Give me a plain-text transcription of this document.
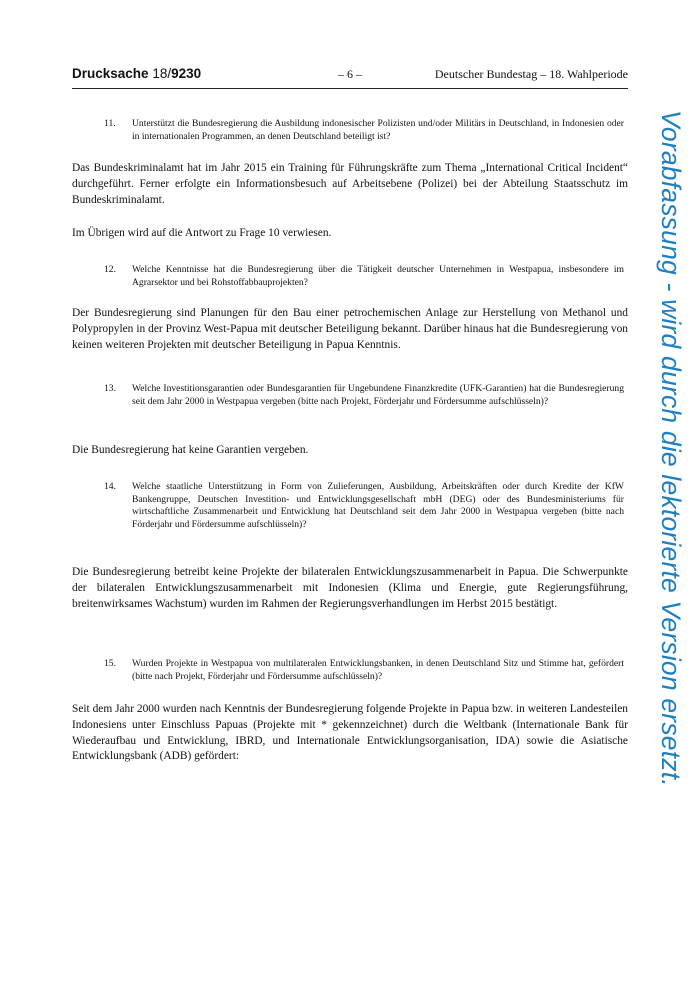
Drucksache 18/9230	– 6 –	Deutscher Bundestag – 18. Wahlperiode
11. Unterstützt die Bundesregierung die Ausbildung indonesischer Polizisten und/oder Militärs in Deutschland, in Indonesien oder in internationalen Programmen, an denen Deutschland beteiligt ist?
Das Bundeskriminalamt hat im Jahr 2015 ein Training für Führungskräfte zum Thema „International Critical Incident“ durchgeführt. Ferner erfolgte ein Informationsbesuch auf Arbeitsebene (Polizei) bei der Abteilung Staatsschutz im Bundeskriminalamt.
Im Übrigen wird auf die Antwort zu Frage 10 verwiesen.
12. Welche Kenntnisse hat die Bundesregierung über die Tätigkeit deutscher Unternehmen in Westpapua, insbesondere im Agrarsektor und bei Rohstoffabbauprojekten?
Der Bundesregierung sind Planungen für den Bau einer petrochemischen Anlage zur Herstellung von Methanol und Polypropylen in der Provinz West-Papua mit deutscher Beteiligung bekannt. Darüber hinaus hat die Bundesregierung von keinen weiteren Projekten mit deutscher Beteiligung in Papua Kenntnis.
13. Welche Investitionsgarantien oder Bundesgarantien für Ungebundene Finanzkredite (UFK-Garantien) hat die Bundesregierung seit dem Jahr 2000 in Westpapua vergeben (bitte nach Projekt, Förderjahr und Fördersumme aufschlüsseln)?
Die Bundesregierung hat keine Garantien vergeben.
14. Welche staatliche Unterstützung in Form von Zulieferungen, Ausbildung, Arbeitskräften oder durch Kredite der KfW Bankengruppe, Deutschen Investition- und Entwicklungsgesellschaft mbH (DEG) oder des Bundesministeriums für wirtschaftliche Zusammenarbeit und Entwicklung hat Deutschland seit dem Jahr 2000 in Westpapua vergeben (bitte nach Förderjahr und Fördersumme aufschlüsseln)?
Die Bundesregierung betreibt keine Projekte der bilateralen Entwicklungszusammenarbeit in Papua. Die Schwerpunkte der bilateralen Entwicklungszusammenarbeit mit Indonesien (Klima und Energie, gute Regierungsführung, breitenwirksames Wachstum) wurden im Rahmen der Regierungsverhandlungen im Herbst 2015 bestätigt.
15. Wurden Projekte in Westpapua von multilateralen Entwicklungsbanken, in denen Deutschland Sitz und Stimme hat, gefördert (bitte nach Projekt, Förderjahr und Fördersumme aufschlüsseln)?
Seit dem Jahr 2000 wurden nach Kenntnis der Bundesregierung folgende Projekte in Papua bzw. in weiteren Landesteilen Indonesiens unter Einschluss Papuas (Projekte mit * gekennzeichnet) durch die Weltbank (Internationale Bank für Wiederaufbau und Entwicklung, IBRD, und Internationale Entwicklungsorganisation, IDA) sowie die Asiatische Entwicklungsbank (ADB) gefördert:	Vorabfassung - wird durch die lektorierte Version ersetzt.
